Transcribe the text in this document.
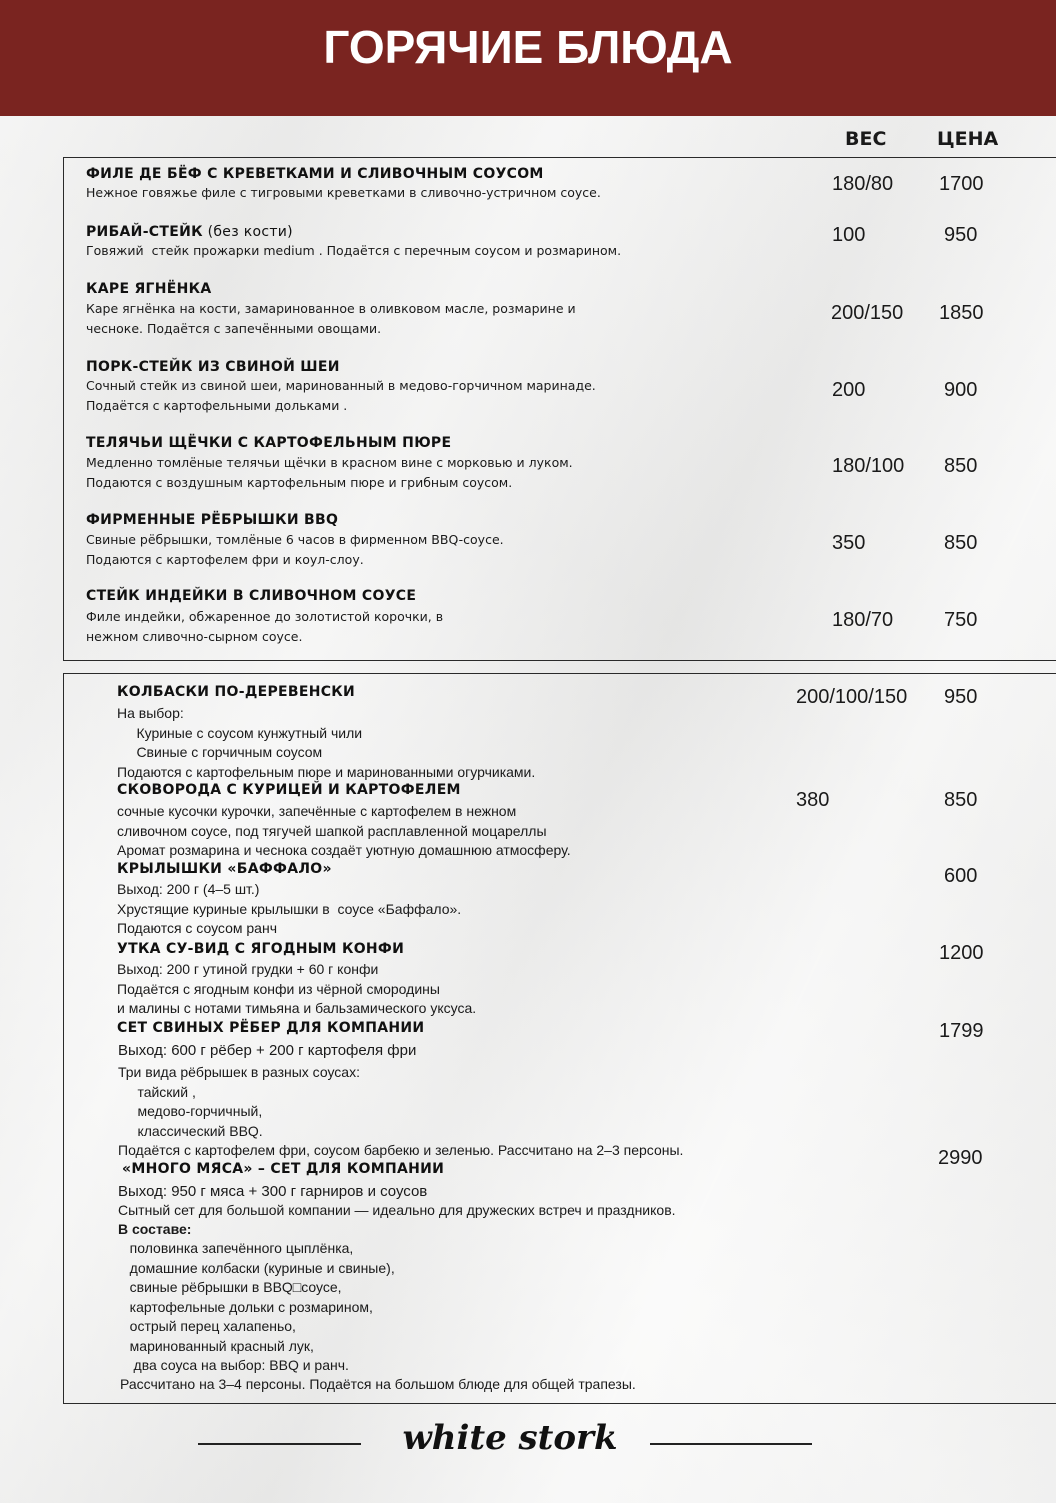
ГОРЯЧИЕ БЛЮДА
ВЕС	ЦЕНА
ФИЛЕ ДЕ БЁФ С КРЕВЕТКАМИ И СЛИВОЧНЫМ СОУСОМ
Нежное говяжье филе с тигровыми креветками в сливочно-устричном соусе.	180/80 1700
РИБАЙ-СТЕЙК (без кости)
Говяжий  стейк прожарки medium . Подаётся с перечным соусом и розмарином.
100	950
КАРЕ ЯГНЁНКА
Каре ягнёнка на кости, замаринованное в оливковом масле, розмарине и
чесноке. Подаётся с запечёнными овощами.
200/150 1850
ПОРК-СТЕЙК ИЗ СВИНОЙ ШЕИ
Сочный стейк из свиной шеи, маринованный в медово-горчичном маринаде.
Подаётся с картофельными дольками .
200	900
ТЕЛЯЧЬИ ЩЁЧКИ С КАРТОФЕЛЬНЫМ ПЮРЕ
Медленно томлёные телячьи щёчки в красном вине с морковью и луком.
Подаются с воздушным картофельным пюре и грибным соусом.
180/100 850
ФИРМЕННЫЕ РЁБРЫШКИ BBQ
Свиные рёбрышки, томлёные 6 часов в фирменном BBQ-соусе.
Подаются с картофелем фри и коул-слоу.
350	850
СТЕЙК ИНДЕЙКИ В СЛИВОЧНОМ СОУСЕ
Филе индейки, обжаренное до золотистой корочки, в
нежном сливочно-сырном соусе.
180/70	750
КОЛБАСКИ ПО-ДЕРЕВЕНСКИ
На выбор:
Куриные с соусом кунжутный чили
Свиные с горчичным соусом
Подаются с картофельным пюре и маринованными огурчиками.
200/100/150 950
СКОВОРОДА С КУРИЦЕЙ И КАРТОФЕЛЕМ
сочные кусочки курочки, запечённые с картофелем в нежном
сливочном соусе, под тягучей шапкой расплавленной моцареллы
Аромат розмарина и чеснока создаёт уютную домашнюю атмосферу.
380	850
КРЫЛЫШКИ «БАФФАЛО»
Выход: 200 г (4–5 шт.)
Хрустящие куриные крылышки в  соусе «Баффало».
Подаются с соусом ранч
600
УТКА СУ-ВИД С ЯГОДНЫМ КОНФИ
Выход: 200 г утиной грудки + 60 г конфи
Подаётся с ягодным конфи из чёрной смородины
и малины с нотами тимьяна и бальзамического уксуса.
1200
СЕТ СВИНЫХ РЁБЕР ДЛЯ КОМПАНИИ
Выход: 600 г рёбер + 200 г картофеля фри
Три вида рёбрышек в разных соусах:
тайский ,
медово-горчичный,
классический BBQ.
Подаётся с картофелем фри, соусом барбекю и зеленью. Рассчитано на 2–3 персоны.
1799
«МНОГО МЯСА» – СЕТ ДЛЯ КОМПАНИИ
Выход: 950 г мяса + 300 г гарниров и соусов
Сытный сет для большой компании — идеально для дружеских встреч и праздников.
В составе:
половинка запечённого цыплёнка,
домашние колбаски (куриные и свиные),
свиные рёбрышки в BBQ□соусе,
картофельные дольки с розмарином,
острый перец халапеньо,
маринованный красный лук,
два соуса на выбор: BBQ и ранч.
Рассчитано на 3–4 персоны. Подаётся на большом блюде для общей трапезы.
2990
white stork
